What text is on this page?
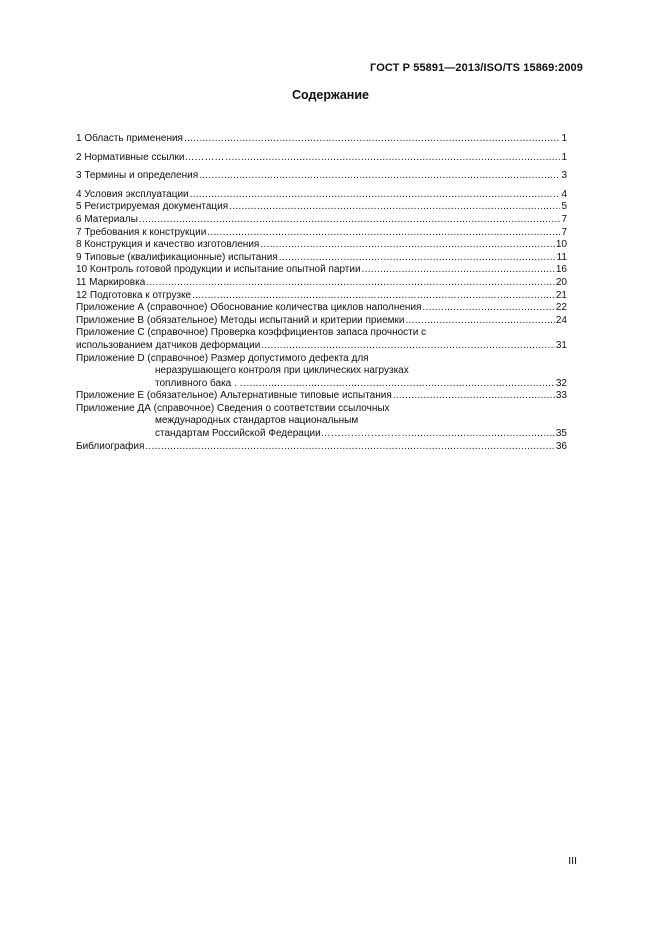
ГОСТ Р 55891—2013/ISO/TS 15869:2009
Содержание
1 Область применения .....	1
2 Нормативные ссылки………… .....	1
3 Термины и определения .....	3
4 Условия эксплуатации .....	4
5 Регистрируемая документация .....	5
6 Материалы .....	7
7 Требования к конструкции .....	7
8 Конструкция и качество изготовления .....	10
9 Типовые (квалификационные) испытания .....	11
10 Контроль готовой продукции и испытание опытной партии .....	16
11 Маркировка .....	20
12 Подготовка к отгрузке .....	21
Приложение А (справочное) Обоснование количества циклов наполнения .....	22
Приложение В (обязательное) Методы испытаний и критерии приемки .....	24
Приложение С (справочное) Проверка коэффициентов запаса прочности с
использованием датчиков деформации .....	31
Приложение D (справочное) Размер допустимого дефекта для
неразрушающего контроля при циклических нагрузках
топливного бака . . .....	32
Приложение Е (обязательное) Альтернативные типовые испытания .....	33
Приложение ДА (справочное) Сведения о соответствии ссылочных
международных стандартов национальным
стандартам Российской Федерации…………………… .....	35
Библиография .....	36
III
